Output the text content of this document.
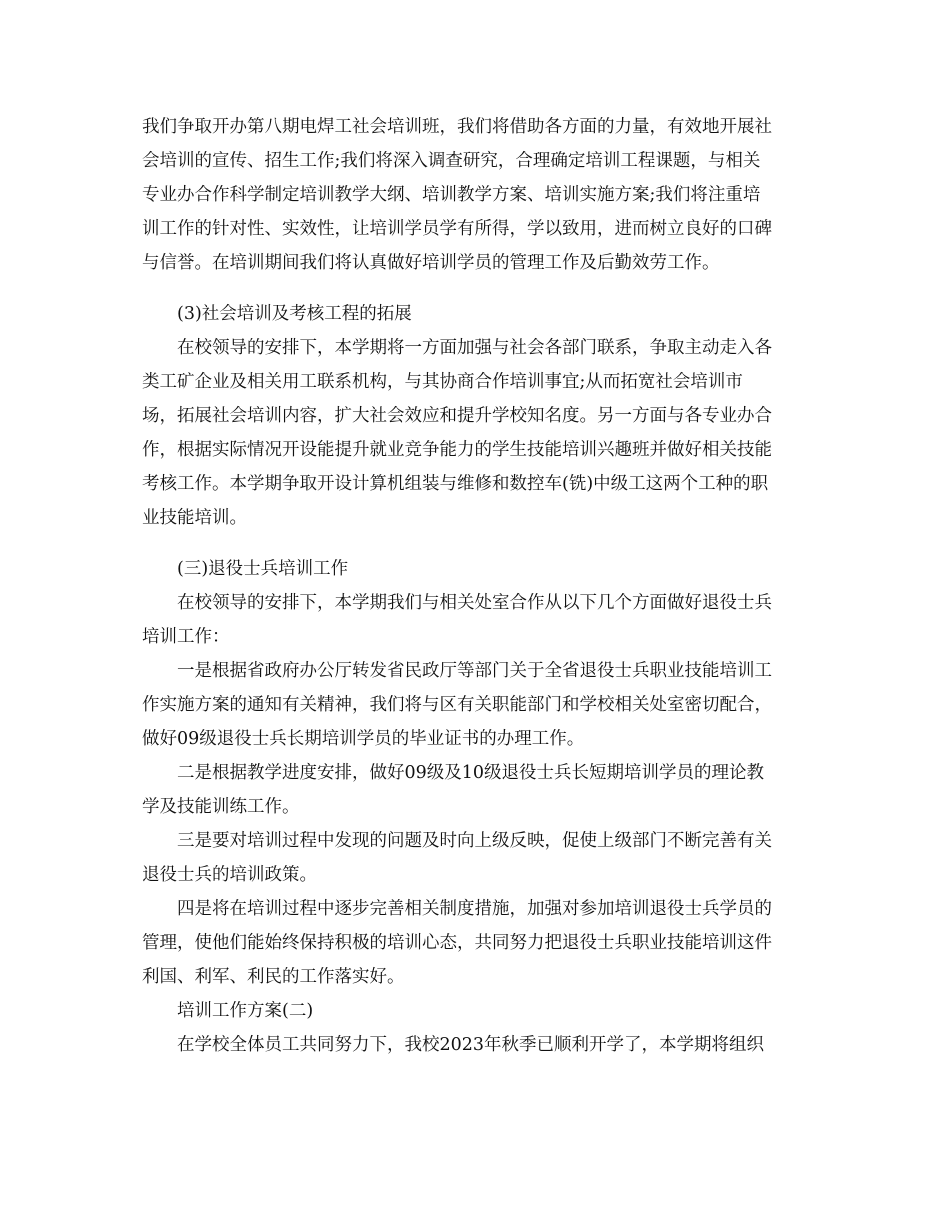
我们争取开办第八期电焊工社会培训班，我们将借助各方面的力量，有效地开展社
会培训的宣传、招生工作;我们将深入调查研究，合理确定培训工程课题，与相关
专业办合作科学制定培训教学大纲、培训教学方案、培训实施方案;我们将注重培
训工作的针对性、实效性，让培训学员学有所得，学以致用，进而树立良好的口碑
与信誉。在培训期间我们将认真做好培训学员的管理工作及后勤效劳工作。
(3)社会培训及考核工程的拓展
在校领导的安排下，本学期将一方面加强与社会各部门联系，争取主动走入各
类工矿企业及相关用工联系机构，与其协商合作培训事宜;从而拓宽社会培训市
场，拓展社会培训内容，扩大社会效应和提升学校知名度。另一方面与各专业办合
作，根据实际情况开设能提升就业竞争能力的学生技能培训兴趣班并做好相关技能
考核工作。本学期争取开设计算机组装与维修和数控车(铣)中级工这两个工种的职
业技能培训。
(三)退役士兵培训工作
在校领导的安排下，本学期我们与相关处室合作从以下几个方面做好退役士兵
培训工作：
一是根据省政府办公厅转发省民政厅等部门关于全省退役士兵职业技能培训工
作实施方案的通知有关精神，我们将与区有关职能部门和学校相关处室密切配合，
做好09级退役士兵长期培训学员的毕业证书的办理工作。
二是根据教学进度安排，做好09级及10级退役士兵长短期培训学员的理论教
学及技能训练工作。
三是要对培训过程中发现的问题及时向上级反映，促使上级部门不断完善有关
退役士兵的培训政策。
四是将在培训过程中逐步完善相关制度措施，加强对参加培训退役士兵学员的
管理，使他们能始终保持积极的培训心态，共同努力把退役士兵职业技能培训这件
利国、利军、利民的工作落实好。
培训工作方案(二)
在学校全体员工共同努力下，我校2023年秋季已顺利开学了，本学期将组织
